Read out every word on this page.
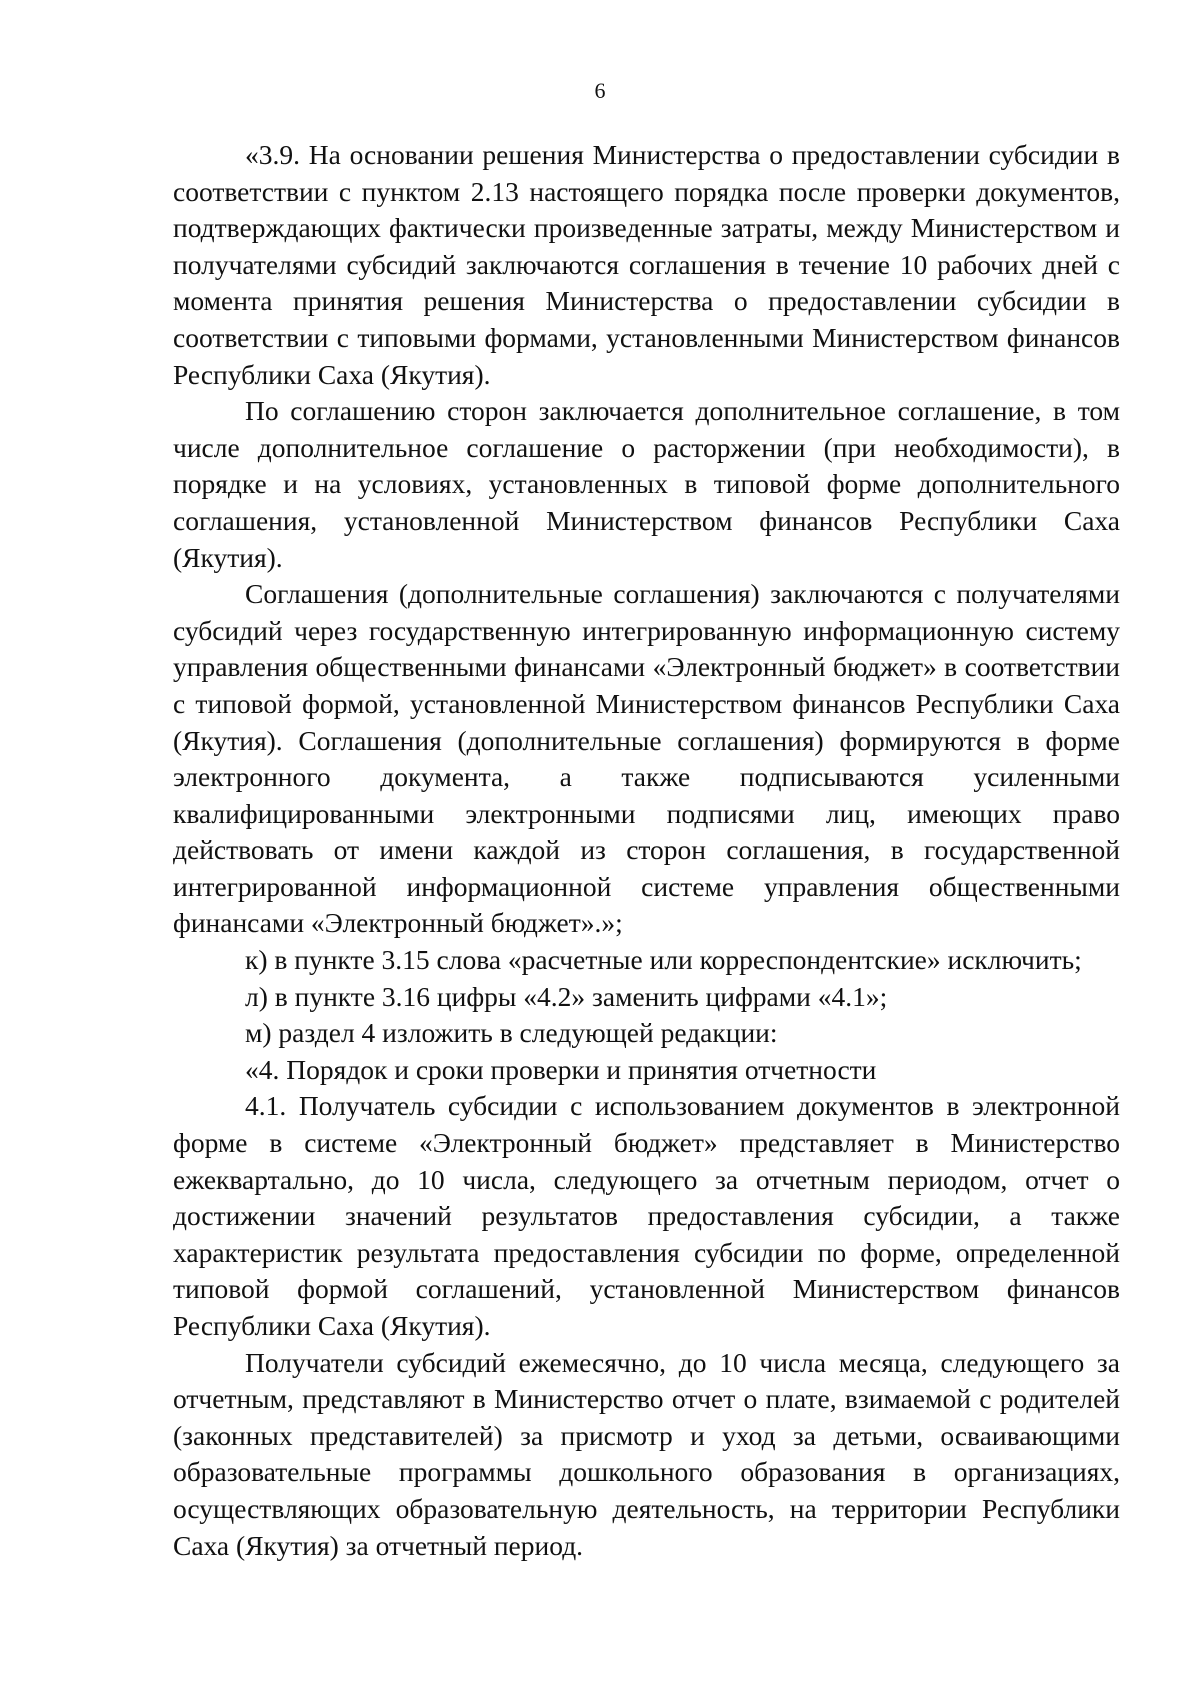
6

«3.9. На основании решения Министерства о предоставлении субсидии в соответствии с пунктом 2.13 настоящего порядка после проверки документов, подтверждающих фактически произведенные затраты, между Министерством и получателями субсидий заключаются соглашения в течение 10 рабочих дней с момента принятия решения Министерства о предоставлении субсидии в соответствии с типовыми формами, установленными Министерством финансов Республики Саха (Якутия).

По соглашению сторон заключается дополнительное соглашение, в том числе дополнительное соглашение о расторжении (при необходимости), в порядке и на условиях, установленных в типовой форме дополнительного соглашения, установленной Министерством финансов Республики Саха (Якутия).

Соглашения (дополнительные соглашения) заключаются с получателями субсидий через государственную интегрированную информационную систему управления общественными финансами «Электронный бюджет» в соответствии с типовой формой, установленной Министерством финансов Республики Саха (Якутия). Соглашения (дополнительные соглашения) формируются в форме электронного документа, а также подписываются усиленными квалифицированными электронными подписями лиц, имеющих право действовать от имени каждой из сторон соглашения, в государственной интегрированной информационной системе управления общественными финансами «Электронный бюджет».»;

к) в пункте 3.15 слова «расчетные или корреспондентские» исключить;

л) в пункте 3.16 цифры «4.2» заменить цифрами «4.1»;

м) раздел 4 изложить в следующей редакции:

«4. Порядок и сроки проверки и принятия отчетности

4.1. Получатель субсидии с использованием документов в электронной форме в системе «Электронный бюджет» представляет в Министерство ежеквартально, до 10 числа, следующего за отчетным периодом, отчет о достижении значений результатов предоставления субсидии, а также характеристик результата предоставления субсидии по форме, определенной типовой формой соглашений, установленной Министерством финансов Республики Саха (Якутия).

Получатели субсидий ежемесячно, до 10 числа месяца, следующего за отчетным, представляют в Министерство отчет о плате, взимаемой с родителей (законных представителей) за присмотр и уход за детьми, осваивающими образовательные программы дошкольного образования в организациях, осуществляющих образовательную деятельность, на территории Республики Саха (Якутия) за отчетный период.
